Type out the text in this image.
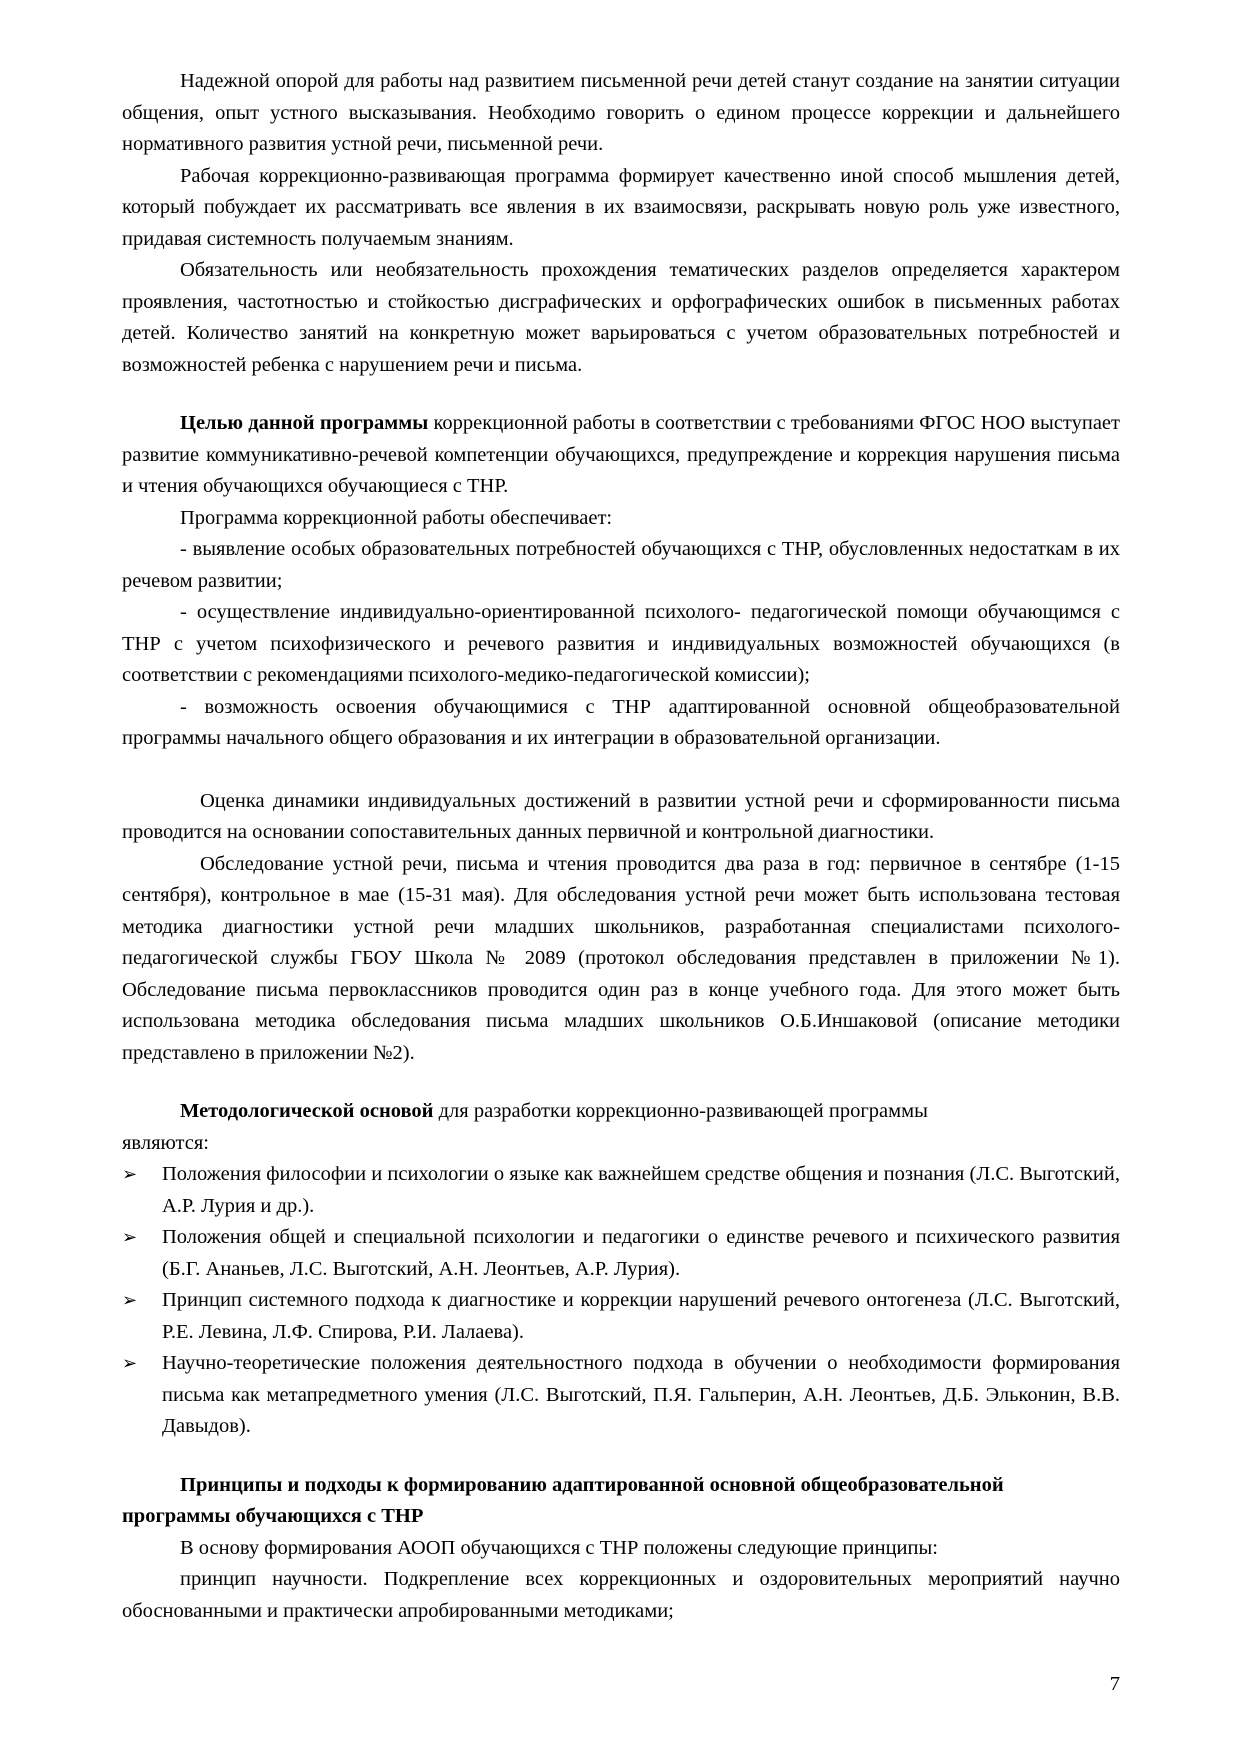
Надежной опорой для работы над развитием письменной речи детей станут создание на занятии ситуации общения, опыт устного высказывания. Необходимо говорить о едином процессе коррекции и дальнейшего нормативного развития устной речи, письменной речи.

Рабочая коррекционно-развивающая программа формирует качественно иной способ мышления детей, который побуждает их рассматривать все явления в их взаимосвязи, раскрывать новую роль уже известного, придавая системность получаемым знаниям.

Обязательность или необязательность прохождения тематических разделов определяется характером проявления, частотностью и стойкостью дисграфических и орфографических ошибок в письменных работах детей. Количество занятий на конкретную может варьироваться с учетом образовательных потребностей и возможностей ребенка с нарушением речи и письма.

Целью данной программы коррекционной работы в соответствии с требованиями ФГОС НОО выступает развитие коммуникативно-речевой компетенции обучающихся, предупреждение и коррекция нарушения письма и чтения обучающихся обучающиеся с ТНР.

Программа коррекционной работы обеспечивает:

- выявление особых образовательных потребностей обучающихся с ТНР, обусловленных недостаткам в их речевом развитии;

- осуществление индивидуально-ориентированной психолого- педагогической помощи обучающимся с ТНР с учетом психофизического и речевого развития и индивидуальных возможностей обучающихся (в соответствии с рекомендациями психолого-медико-педагогической комиссии);

- возможность освоения обучающимися с ТНР адаптированной основной общеобразовательной программы начального общего образования и их интеграции в образовательной организации.

Оценка динамики индивидуальных достижений в развитии устной речи и сформированности письма проводится на основании сопоставительных данных первичной и контрольной диагностики.

Обследование устной речи, письма и чтения проводится два раза в год: первичное в сентябре (1-15 сентября), контрольное в мае (15-31 мая). Для обследования устной речи может быть использована тестовая методика диагностики устной речи младших школьников, разработанная специалистами психолого-педагогической службы ГБОУ Школа № 2089 (протокол обследования представлен в приложении №1). Обследование письма первоклассников проводится один раз в конце учебного года. Для этого может быть использована методика обследования письма младших школьников О.Б.Иншаковой (описание методики представлено в приложении №2).

Методологической основой для разработки коррекционно-развивающей программы

являются:

➢	Положения философии и психологии о языке как важнейшем средстве общения и познания (Л.С. Выготский, А.Р. Лурия и др.).
➢	Положения общей и специальной психологии и педагогики о единстве речевого и психического развития (Б.Г. Ананьев, Л.С. Выготский, А.Н. Леонтьев, А.Р. Лурия).
➢	Принцип системного подхода к диагностике и коррекции нарушений речевого онтогенеза (Л.С. Выготский, Р.Е. Левина, Л.Ф. Спирова, Р.И. Лалаева).
➢	Научно-теоретические положения деятельностного подхода в обучении о необходимости формирования письма как метапредметного умения (Л.С. Выготский, П.Я. Гальперин, А.Н. Леонтьев, Д.Б. Эльконин, В.В. Давыдов).

Принципы и подходы к формированию адаптированной основной общеобразовательной

программы обучающихся с ТНР

В основу формирования АООП обучающихся с ТНР положены следующие принципы:

принцип научности. Подкрепление всех коррекционных и оздоровительных мероприятий научно обоснованными и практически апробированными методиками;

7
